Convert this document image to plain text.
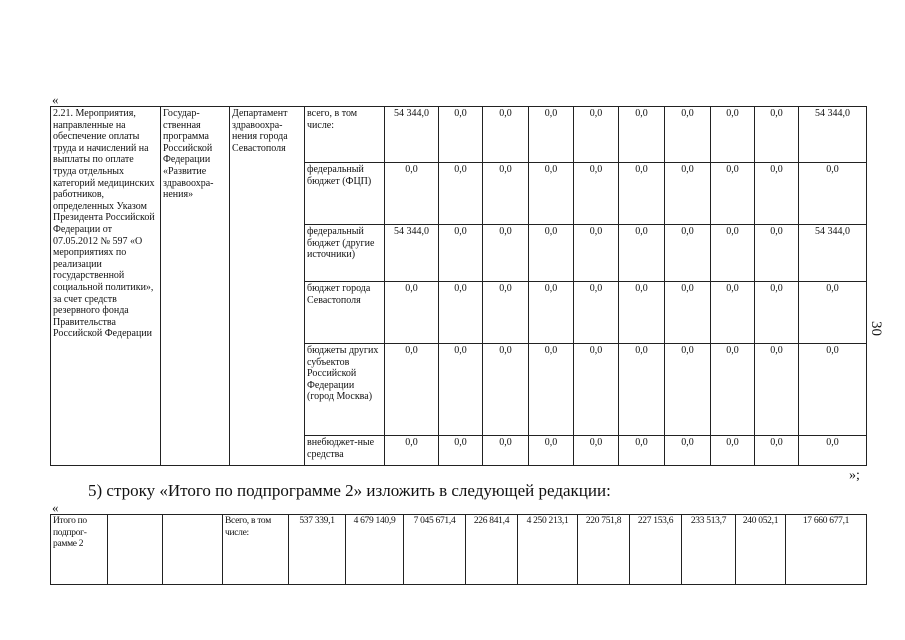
«
2.21. Мероприятия, направленные на обеспечение оплаты труда и начислений на выплаты по оплате труда отдельных категорий медицинских работников, определенных Указом Президента Российской Федерации от 07.05.2012 № 597 «О мероприятиях по реализации государственной социальной политики», за счет средств резервного фонда Правительства Российской Федерации	Государ-ственная программа Российской Федерации «Развитие здравоохра-нения»	Департамент здравоохра-нения города Севастополя	всего, в том числе:	54 344,0	0,0	0,0	0,0	0,0	0,0	0,0	0,0	0,0	54 344,0
			федеральный бюджет (ФЦП)	0,0	0,0	0,0	0,0	0,0	0,0	0,0	0,0	0,0	0,0
			федеральный бюджет (другие источники)	54 344,0	0,0	0,0	0,0	0,0	0,0	0,0	0,0	0,0	54 344,0
			бюджет города Севастополя	0,0	0,0	0,0	0,0	0,0	0,0	0,0	0,0	0,0	0,0
			бюджеты других субъектов Российской Федерации (город Москва)	0,0	0,0	0,0	0,0	0,0	0,0	0,0	0,0	0,0	0,0
			внебюджет-ные средства	0,0	0,0	0,0	0,0	0,0	0,0	0,0	0,0	0,0	0,0
30
»;
5) строку «Итого по подпрограмме 2» изложить в следующей редакции:
«
Итого по подпрог-рамме 2			Всего, в том числе:	537 339,1	4 679 140,9	7 045 671,4	226 841,4	4 250 213,1	220 751,8	227 153,6	233 513,7	240 052,1	17 660 677,1
